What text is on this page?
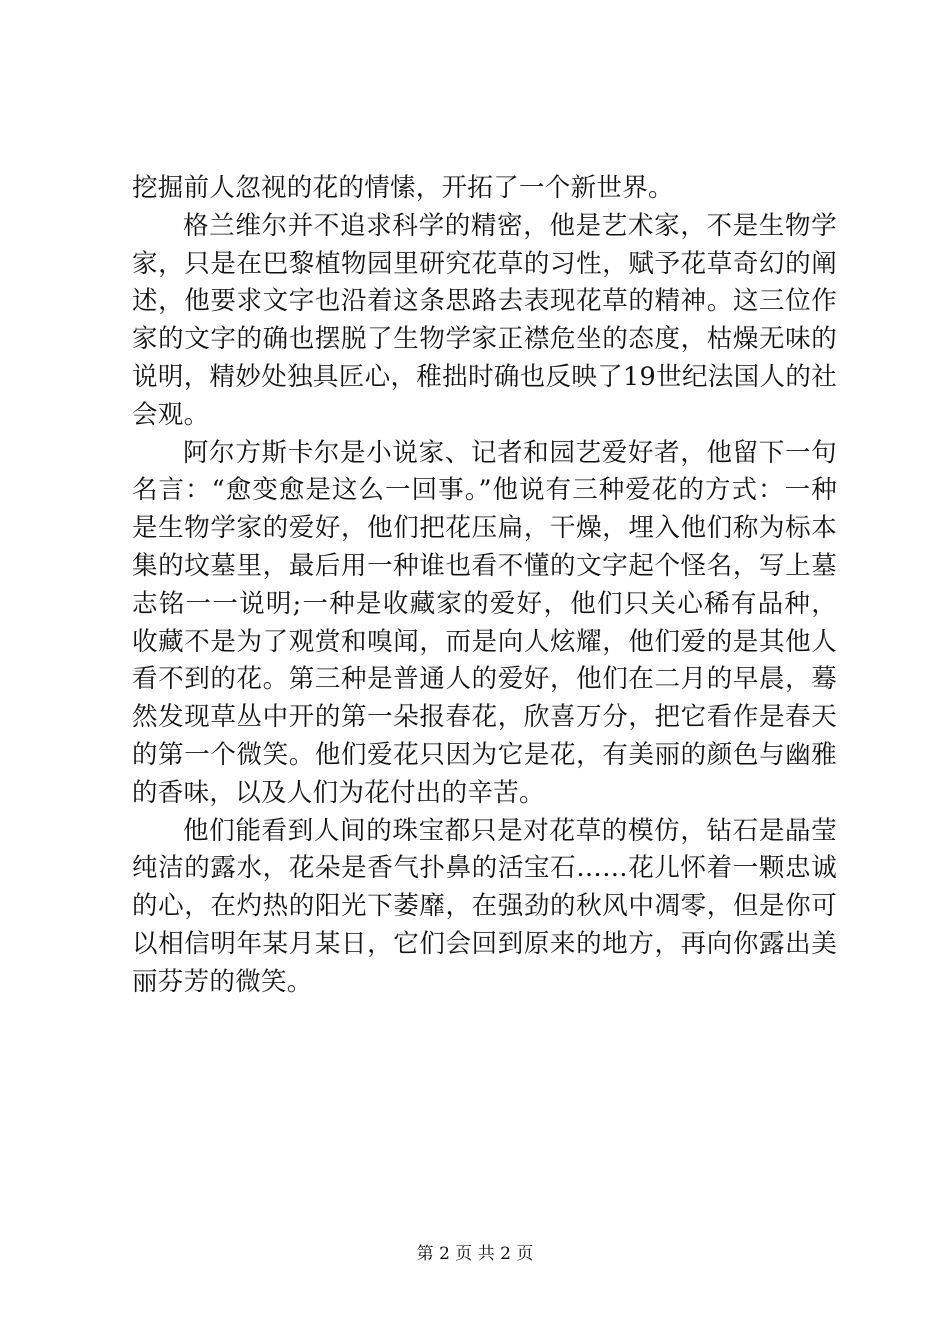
挖掘前人忽视的花的情愫，开拓了一个新世界。

格兰维尔并不追求科学的精密，他是艺术家，不是生物学家，只是在巴黎植物园里研究花草的习性，赋予花草奇幻的阐述，他要求文字也沿着这条思路去表现花草的精神。这三位作家的文字的确也摆脱了生物学家正襟危坐的态度，枯燥无味的说明，精妙处独具匠心，稚拙时确也反映了19世纪法国人的社会观。

阿尔方斯卡尔是小说家、记者和园艺爱好者，他留下一句名言：“愈变愈是这么一回事。”他说有三种爱花的方式：一种是生物学家的爱好，他们把花压扁，干燥，埋入他们称为标本集的坟墓里，最后用一种谁也看不懂的文字起个怪名，写上墓志铭一一说明;一种是收藏家的爱好，他们只关心稀有品种，收藏不是为了观赏和嗅闻，而是向人炫耀，他们爱的是其他人看不到的花。第三种是普通人的爱好，他们在二月的早晨，蓦然发现草丛中开的第一朵报春花，欣喜万分，把它看作是春天的第一个微笑。他们爱花只因为它是花，有美丽的颜色与幽雅的香味，以及人们为花付出的辛苦。

他们能看到人间的珠宝都只是对花草的模仿，钻石是晶莹纯洁的露水，花朵是香气扑鼻的活宝石……花儿怀着一颗忠诚的心，在灼热的阳光下萎靡，在强劲的秋风中凋零，但是你可以相信明年某月某日，它们会回到原来的地方，再向你露出美丽芬芳的微笑。

第 2 页 共 2 页
